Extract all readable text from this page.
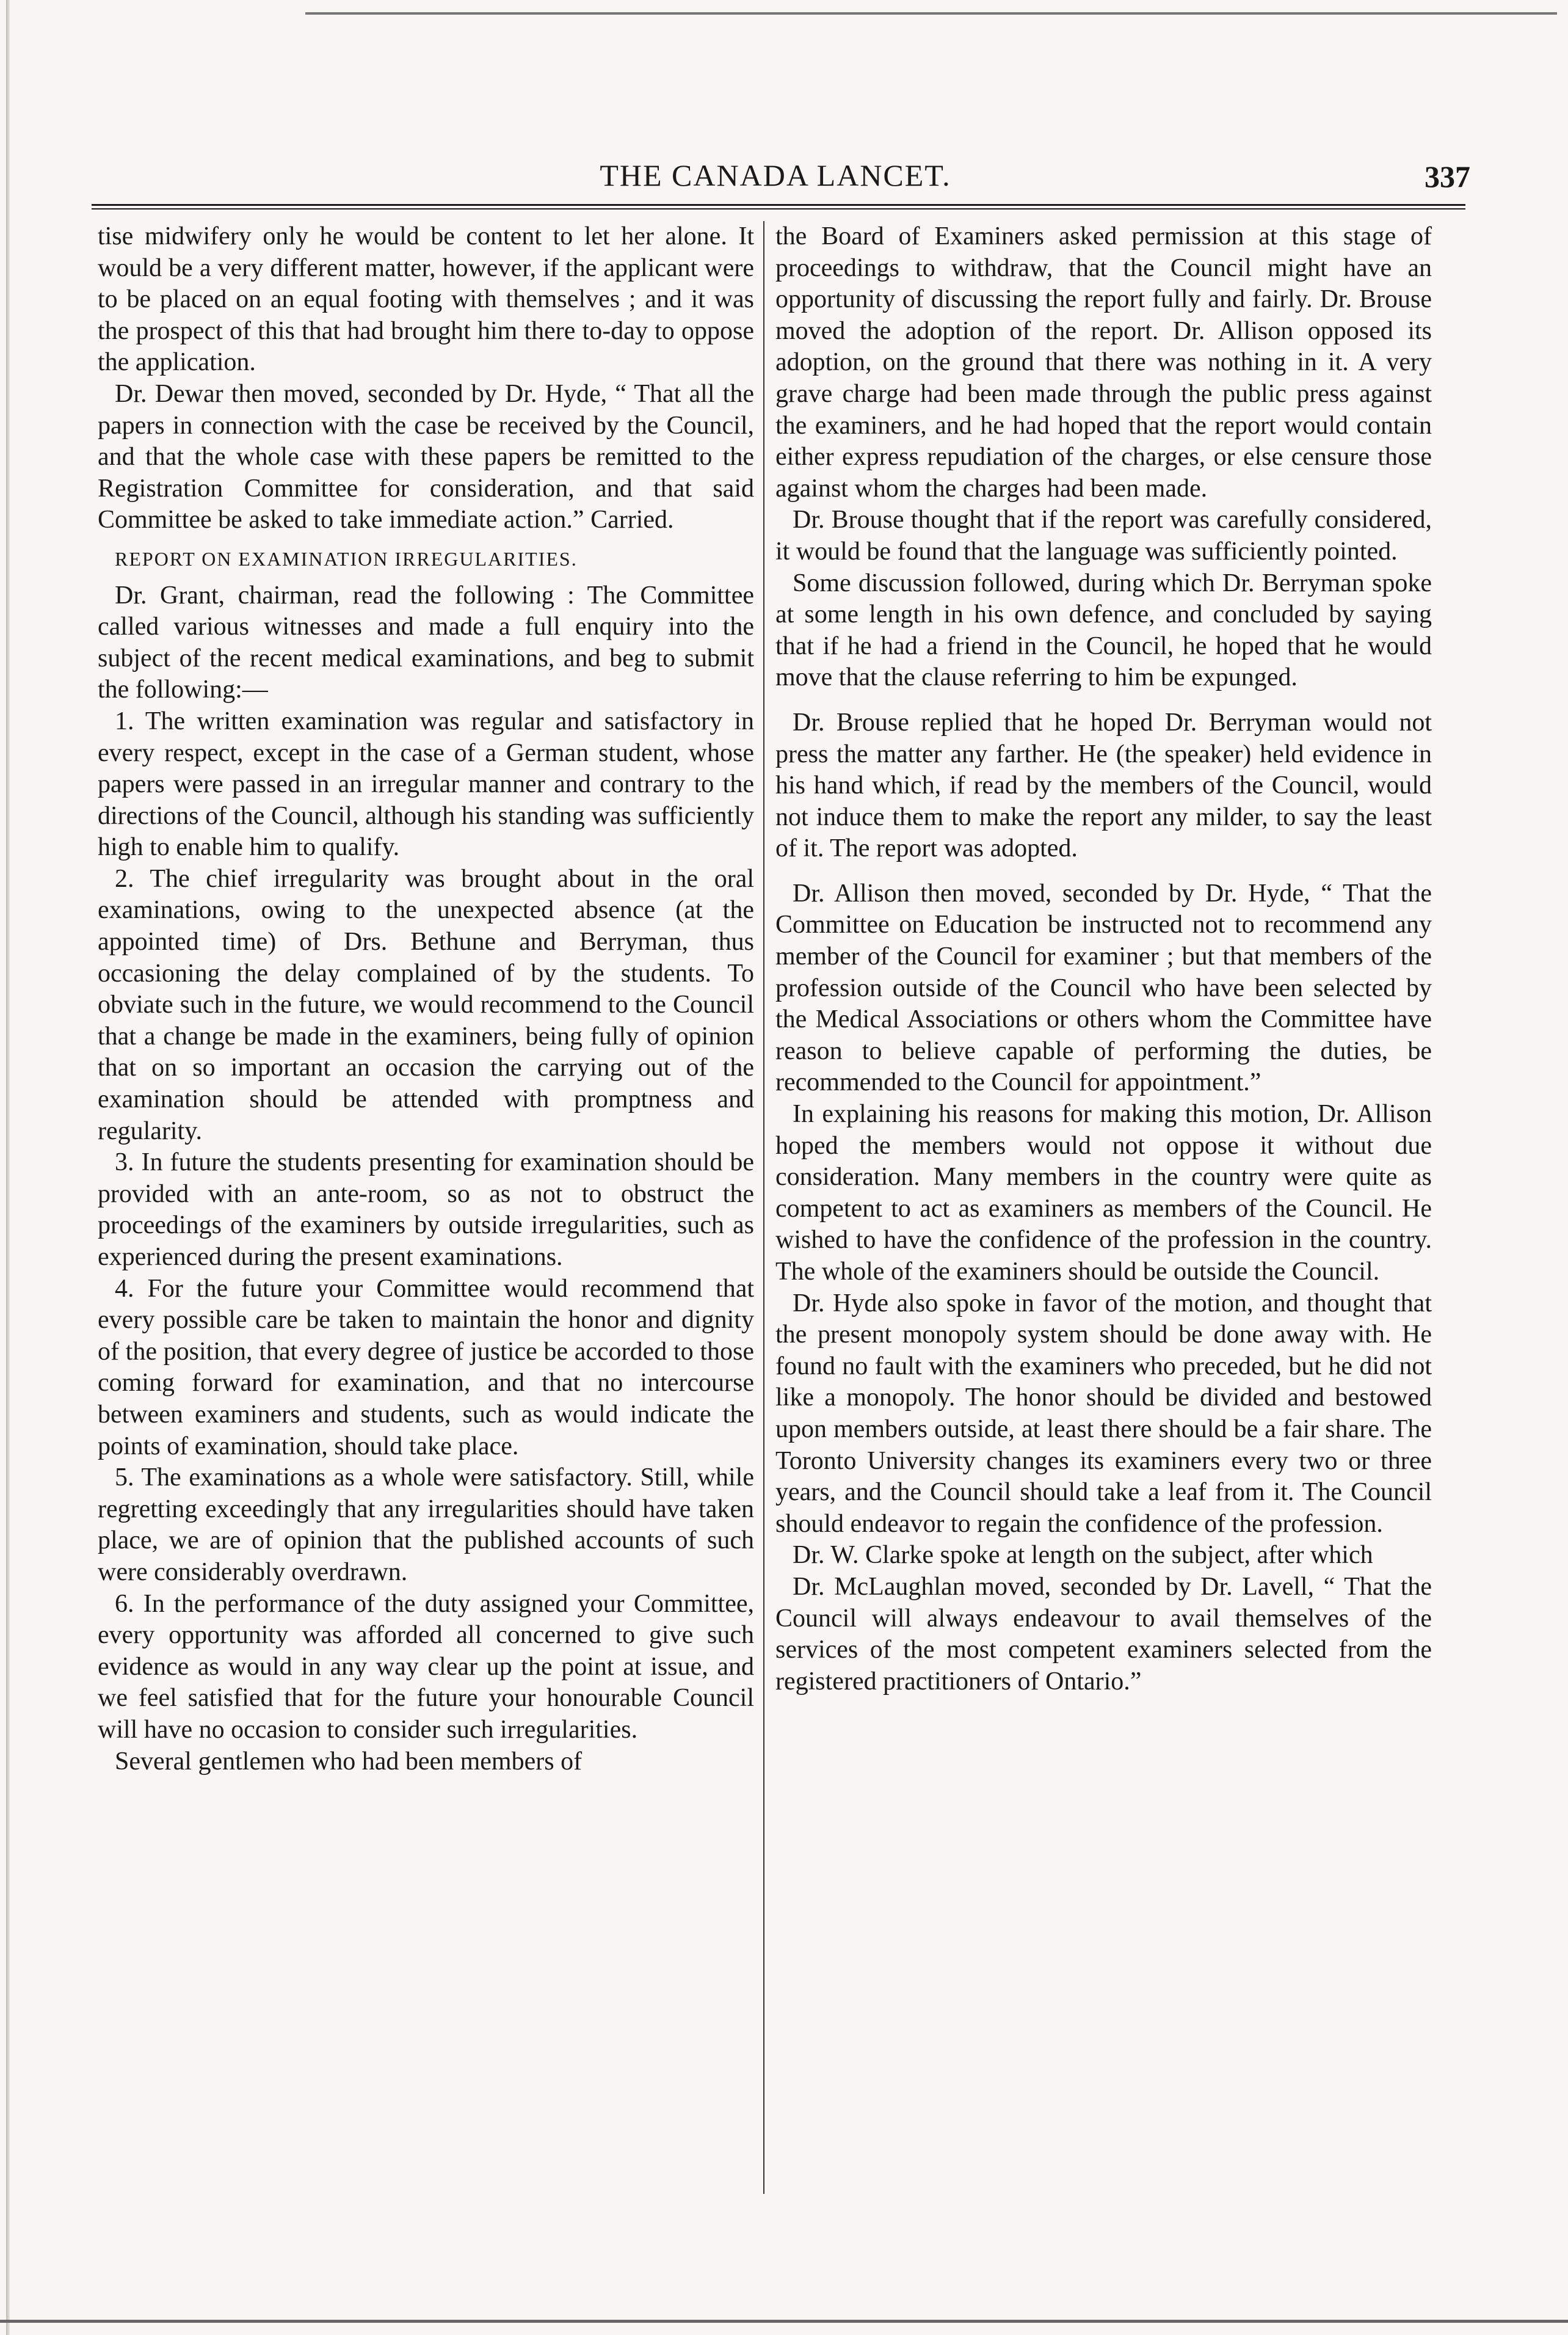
THE CANADA LANCET.	337

tise midwifery only he would be content to let her alone. It would be a very different matter, however, if the applicant were to be placed on an equal footing with themselves ; and it was the prospect of this that had brought him there to-day to oppose the application.

Dr. Dewar then moved, seconded by Dr. Hyde, “ That all the papers in connection with the case be received by the Council, and that the whole case with these papers be remitted to the Registration Committee for consideration, and that said Committee be asked to take immediate action.” Carried.

REPORT ON EXAMINATION IRREGULARITIES.

Dr. Grant, chairman, read the following : The Committee called various witnesses and made a full enquiry into the subject of the recent medical examinations, and beg to submit the following:—

1. The written examination was regular and satisfactory in every respect, except in the case of a German student, whose papers were passed in an irregular manner and contrary to the directions of the Council, although his standing was sufficiently high to enable him to qualify.

2. The chief irregularity was brought about in the oral examinations, owing to the unexpected absence (at the appointed time) of Drs. Bethune and Berryman, thus occasioning the delay complained of by the students. To obviate such in the future, we would recommend to the Council that a change be made in the examiners, being fully of opinion that on so important an occasion the carrying out of the examination should be attended with promptness and regularity.

3. In future the students presenting for examination should be provided with an ante-room, so as not to obstruct the proceedings of the examiners by outside irregularities, such as experienced during the present examinations.

4. For the future your Committee would recommend that every possible care be taken to maintain the honor and dignity of the position, that every degree of justice be accorded to those coming forward for examination, and that no intercourse between examiners and students, such as would indicate the points of examination, should take place.

5. The examinations as a whole were satisfactory. Still, while regretting exceedingly that any irregularities should have taken place, we are of opinion that the published accounts of such were considerably overdrawn.

6. In the performance of the duty assigned your Committee, every opportunity was afforded all concerned to give such evidence as would in any way clear up the point at issue, and we feel satisfied that for the future your honourable Council will have no occasion to consider such irregularities.

Several gentlemen who had been members of

the Board of Examiners asked permission at this stage of proceedings to withdraw, that the Council might have an opportunity of discussing the report fully and fairly. Dr. Brouse moved the adoption of the report. Dr. Allison opposed its adoption, on the ground that there was nothing in it. A very grave charge had been made through the public press against the examiners, and he had hoped that the report would contain either express repudiation of the charges, or else censure those against whom the charges had been made.

Dr. Brouse thought that if the report was carefully considered, it would be found that the language was sufficiently pointed.

Some discussion followed, during which Dr. Berryman spoke at some length in his own defence, and concluded by saying that if he had a friend in the Council, he hoped that he would move that the clause referring to him be expunged.

Dr. Brouse replied that he hoped Dr. Berryman would not press the matter any farther. He (the speaker) held evidence in his hand which, if read by the members of the Council, would not induce them to make the report any milder, to say the least of it. The report was adopted.

Dr. Allison then moved, seconded by Dr. Hyde, “ That the Committee on Education be instructed not to recommend any member of the Council for examiner ; but that members of the profession outside of the Council who have been selected by the Medical Associations or others whom the Committee have reason to believe capable of performing the duties, be recommended to the Council for appointment.”

In explaining his reasons for making this motion, Dr. Allison hoped the members would not oppose it without due consideration. Many members in the country were quite as competent to act as examiners as members of the Council. He wished to have the confidence of the profession in the country. The whole of the examiners should be outside the Council.

Dr. Hyde also spoke in favor of the motion, and thought that the present monopoly system should be done away with. He found no fault with the examiners who preceded, but he did not like a monopoly. The honor should be divided and bestowed upon members outside, at least there should be a fair share. The Toronto University changes its examiners every two or three years, and the Council should take a leaf from it. The Council should endeavor to regain the confidence of the profession.

Dr. W. Clarke spoke at length on the subject, after which

Dr. McLaughlan moved, seconded by Dr. Lavell, “ That the Council will always endeavour to avail themselves of the services of the most competent examiners selected from the registered practitioners of Ontario.”
